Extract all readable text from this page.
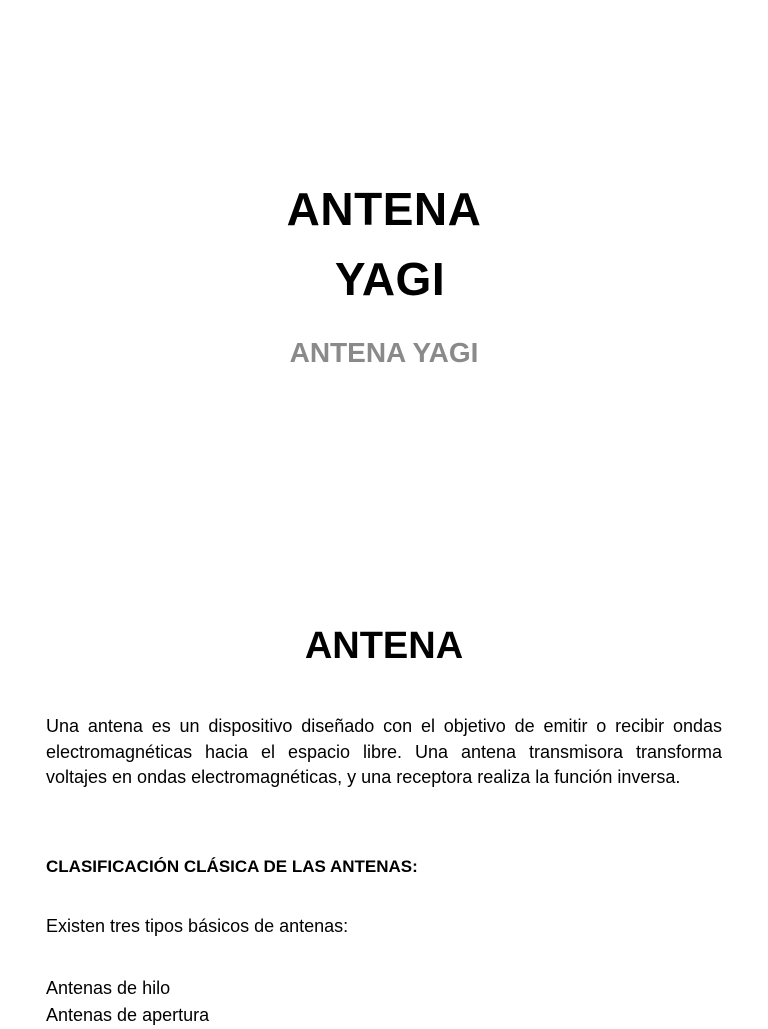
ANTENA
YAGI
ANTENA YAGI
ANTENA
Una antena es un dispositivo diseñado con el objetivo de emitir o recibir ondas electromagnéticas hacia el espacio libre. Una antena transmisora transforma voltajes en ondas electromagnéticas, y una receptora realiza la función inversa.
CLASIFICACIÓN CLÁSICA DE LAS ANTENAS:
Existen tres tipos básicos de antenas:
Antenas de hilo
Antenas de apertura
